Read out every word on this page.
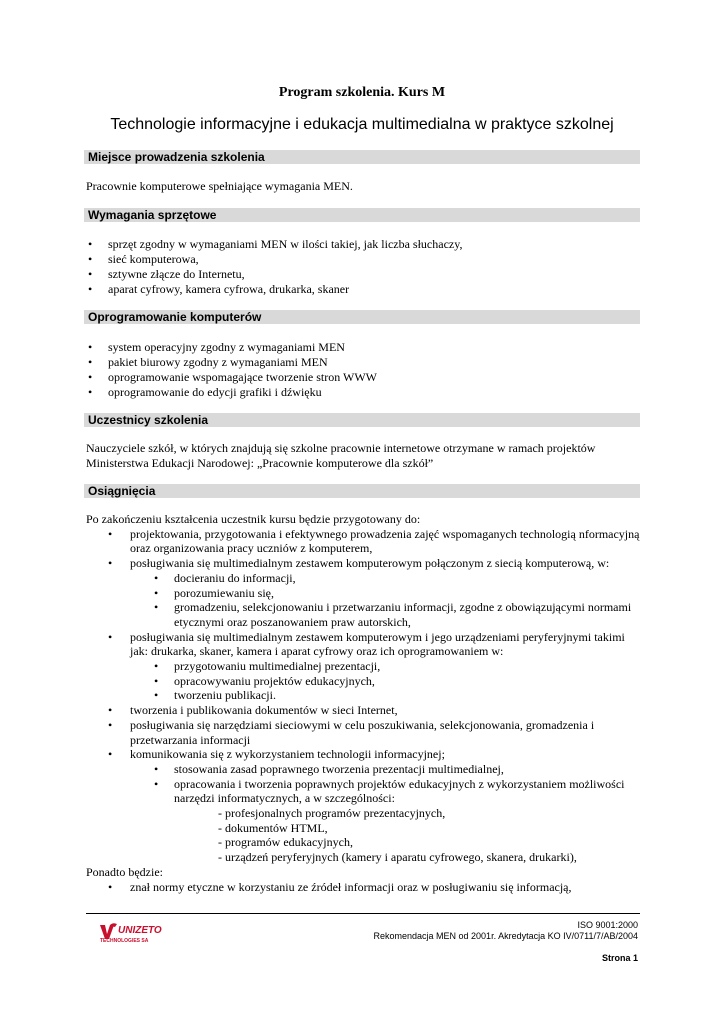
Program szkolenia. Kurs M
Technologie informacyjne i edukacja multimedialna w praktyce szkolnej
Miejsce prowadzenia szkolenia
Pracownie komputerowe spełniające wymagania MEN.
Wymagania sprzętowe
• sprzęt zgodny w wymaganiami MEN w ilości takiej, jak liczba słuchaczy,
• sieć komputerowa,
• sztywne złącze do Internetu,
• aparat cyfrowy, kamera cyfrowa, drukarka, skaner
Oprogramowanie komputerów
• system operacyjny zgodny z wymaganiami MEN
• pakiet biurowy zgodny z wymaganiami MEN
• oprogramowanie wspomagające tworzenie stron WWW
• oprogramowanie do edycji grafiki i dźwięku
Uczestnicy szkolenia
Nauczyciele szkół, w których znajdują się szkolne pracownie internetowe otrzymane w ramach projektów Ministerstwa Edukacji Narodowej: „Pracownie komputerowe dla szkół”
Osiągnięcia
Po zakończeniu kształcenia uczestnik kursu będzie przygotowany do:
• projektowania, przygotowania i efektywnego prowadzenia zajęć wspomaganych technologią nformacyjną oraz organizowania pracy uczniów z komputerem,
• posługiwania się multimedialnym zestawem komputerowym połączonym z siecią komputerową, w:
• docieraniu do informacji,
• porozumiewaniu się,
• gromadzeniu, selekcjonowaniu i przetwarzaniu informacji, zgodne z obowiązującymi normami etycznymi oraz poszanowaniem praw autorskich,
• posługiwania się multimedialnym zestawem komputerowym i jego urządzeniami peryferyjnymi takimi jak: drukarka, skaner, kamera i aparat cyfrowy oraz ich oprogramowaniem w:
• przygotowaniu multimedialnej prezentacji,
• opracowywaniu projektów edukacyjnych,
• tworzeniu publikacji.
• tworzenia i publikowania dokumentów w sieci Internet,
• posługiwania się narzędziami sieciowymi w celu poszukiwania, selekcjonowania, gromadzenia i przetwarzania informacji
• komunikowania się z wykorzystaniem technologii informacyjnej;
• stosowania zasad poprawnego tworzenia prezentacji multimedialnej,
• opracowania i tworzenia poprawnych projektów edukacyjnych z wykorzystaniem możliwości narzędzi informatycznych, a w szczególności:
- profesjonalnych programów prezentacyjnych,
- dokumentów HTML,
- programów edukacyjnych,
- urządzeń peryferyjnych (kamery i aparatu cyfrowego, skanera, drukarki),
Ponadto będzie:
• znał normy etyczne w korzystaniu ze źródeł informacji oraz w posługiwaniu się informacją,
UNIZETO
TECHNOLOGIES SA
ISO 9001:2000
Rekomendacja MEN od 2001r. Akredytacja KO IV/0711/7/AB/2004
Strona 1
